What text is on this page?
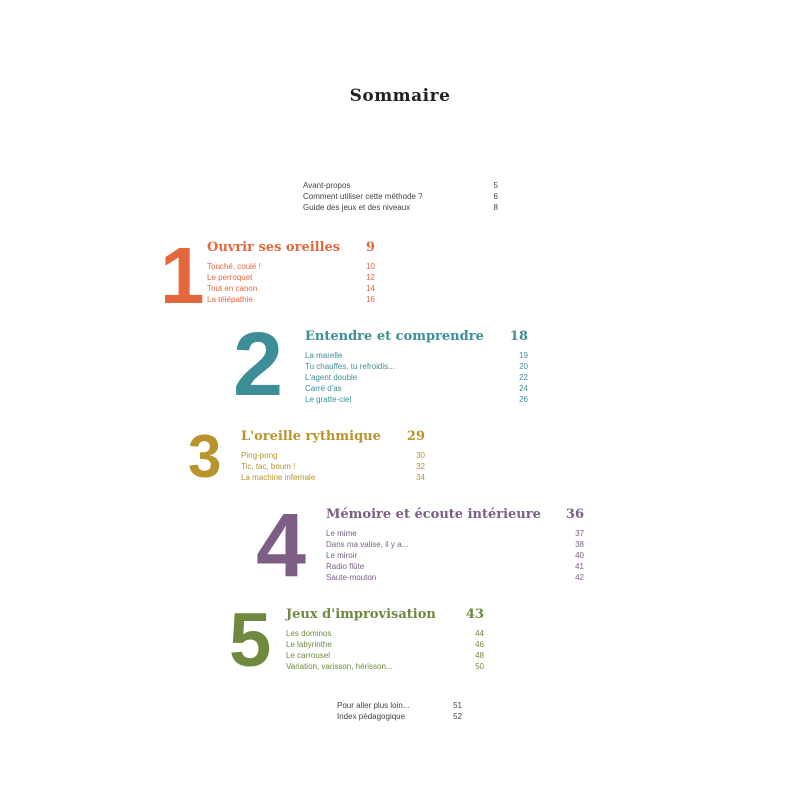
Sommaire
Avant-propos	5
Comment utiliser cette méthode ?	6
Guide des jeux et des niveaux	8
1 Ouvrir ses oreilles 9
Touché, coulé !	10
Le perroquet	12
Tout en canon	14
La télépathie	16
2 Entendre et comprendre 18
La marelle	19
Tu chauffes, tu refroidis...	20
L'agent double	22
Carré d'as	24
Le gratte-ciel	26
3 L'oreille rythmique 29
Ping-pong	30
Tic, tac, boum !	32
La machine infernale	34
4 Mémoire et écoute intérieure 36
Le mime	37
Dans ma valise, il y a...	38
Le miroir	40
Radio flûte	41
Saute-mouton	42
5 Jeux d'improvisation 43
Les dominos	44
Le labyrinthe	46
Le carrousel	48
Variation, varisson, hérisson...	50
Pour aller plus loin...	51
Index pédagogique	52
